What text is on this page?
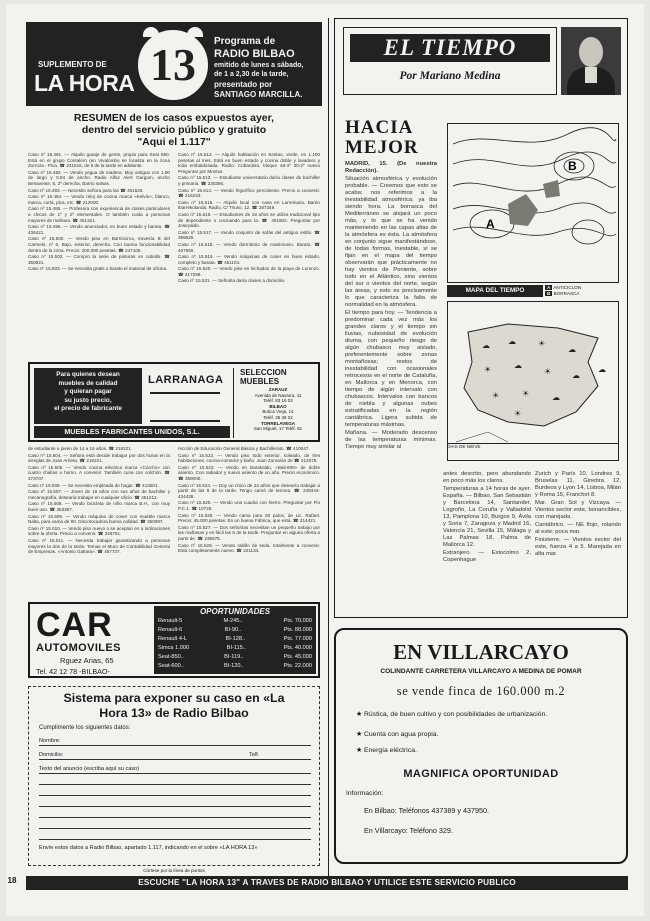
SUPLEMENTO DE
LA HORA 13	Programa de
RADIO BILBAO
emitido de lunes a sábado,
de 1 a 2,30 de la tarde,
presentado por
SANTIAGO MARCILLA.
RESUMEN de los casos expuestos ayer,
dentro del servicio público y gratuito
"Aqui el 1.117"

Caso nº 15.491. — Alquilo garaje de gente, propio para Seat 850. Está en el grupo Contalero (en Vivalombo se localiza en la zona Zorroza - Pica. ☎ 241516, de 9 de la tarde en adelante.

Caso nº 15.492. — Vendo yegua de madera. Muy antiguo con 1.90 de largo y 0.84 de ancho. Radio Alfaz Alert Gargom, ancho Benavente, 5, 2º derecha, Barrio salsas.

Caso nº 15.493. — Necesito señora para las ☎ 451525.

Caso nº 15.494. — Vendo reloj de cocina marca «Kelvin», blanco, marca, curta, pica, etc. ☎ 212000.

Caso nº 15.495. — Profesora con experiencia de clases particulares a chicos de 1º y 2º elementales. O también cuida a personas mayores de mañana. ☎ 451321.

Caso nº 15.496. — Vendo anunciador, en buen estado y barato. ☎ 436421.

Caso nº 15.500. — Vendo piso en Barriocirca, travesía B del Carmelo, nº 6, Bajo, exterior, derecha. Con buena funcionabilidad dentro de la zona. Precio: 200.000 pesetas. ☎ 247106.

Caso nº 15.502. — Compro la serie de pinturas en caballo. ☎ 350821.

Caso nº 15.503. — Se necesita gratis o barato el material de oficina.

Caso nº 15.512. — Alquilo habitación en Sestao, verde, en 1.100 pesetas al mes. Está en buen estado y cocina doble y lavadero y toda embaldosada. Radio: Cobardola, bloque 48-4º 30-2º nuevo Preguntar por Montse.

Caso nº 15.513. — Estudiante universitario daría clases de bachiller y primaria. ☎ 230396.

Caso nº 15.514. — Vendo frigorífico percoliente. Precio a convenir. ☎ 216243.

Caso nº 15.515. — Alquilo local con casa en Larreinaza. Barrio Ibarrekolanda. Radio, C/ Triuso, 12. ☎ 287349.

Caso nº 15.516. — Estudiantes de 18 años se utiliza tradicional tipo de dependiente o cocinando para la. ☎ 451902. Preguntar por Joseyaldo.

Caso nº 15.517. — Vendo conjunto de sofás del antiguo estilo. ☎ 399625.

Caso nº 15.518. — Vendo dormitorio de matrimonio. Barato. ☎ 467950.

Caso nº 15.519. — Vendo máquinas de coser en buen estado, completo y barata. ☎ 451104.

Caso nº 15.520. — Vendo piso en lechados de la playa de Lorenzo. ☎ 417299.

Caso nº 15.521. — Señorita daría clases a domicilio.

Para quienes desean
muebles de calidad
y quieran pagar
su justo precio,
el precio de fabricante
LARRANAGA
MUEBLES FABRICANTES UNIDOS, S.L.
SELECCION
MUEBLES
ZARAUZ
Avenida de Navarra, 11
Teléf. 83 16 03
BILBAO
Botica Vieja, 14
Teléf. 36 36 22
TORRELAVEGA
San Miguel, 17 Teléf. 81

de estudiante a joven de 14 a 16 años. ☎ 218221.

Caso nº 15.504. — Señora está decide trabajar por dos horas en la arreglas de Juan Arrieta. ☎ 218221.

Caso nº 15.505. — Vendo cocina eléctrica marca «Corcho» con cuatro chalías u horno. A convenir. También cuna con colchón. ☎ 373707.

Caso nº 15.506. — Se necesita empleada de hogar. ☎ 413501.

Caso nº 15.507. — Joven de 18 años con sus años de bachiller y mecanografía, desearía trabajar en cualquier oficio. ☎ 451212.

Caso nº 15.508. — Vendo bicicleta de niño marca B.H., con muy buen uso. ☎ 353387.

Caso nº 15.509. — Vendo máquina de coser con mueble marca Nalta, para cama de 90. Discotocadora buena calidad. ☎ 350097.

Caso nº 15.510. — Vendo piso nuevo o se aceptan en a indicaciones sobre la oferta. Precio a convenir. ☎ 346761.

Caso nº 15.511. — Necesita trabajar garantizando a personas mayores la dos de la tarde. Temas el Muro de Contabilidad General de Empresas. «Antonio Galtara». ☎ 457737.

rección de Educación General Básica y Bachillerato. ☎ 410047.

Caso nº 15.522. — Vendo piso todo exterior, soleado, de tres habitaciones, cocina-comedor y baño. Juan Zumarán de ☎ 212578.

Caso nº 15.523. — Vendo en Barakaldo, «Bali-800» de doble asiento. Con radiador y nuevo asiento de un año. Precio económico. ☎ 359000.

Caso nº 15.524. — Doy un chico de 24 años que desearía trabajar a partir de las 8 de la tarde. Tengo carné de tercera. ☎ 249344-434438.

Caso nº 15.525. — Vendo una cuadra con hierro. Preguntar por Flo P.C.1. ☎ 10729.

Caso nº 15.526. — Vendo cama para 50 palos, de Lic. Rafael. Precio: 45.000 pesetas. En un buena Fábrica, que está. ☎ 214421.

Caso nº 15.527. — Dos señoritas necesitan un pequeño trabajo por las mañanas y es fácil las 5 de la tarde. Preguntar en alguna oferta a partir de. ☎ 235675.

Caso nº 15.528. — Vendo rabillo de seda, totalmente a convenir. Está completamente nuevo. ☎ 221134.

CAR
AUTOMOVILES
Rguez Arias, 65
Tel. 42 12 78 -BILBAO-
OPORTUNIDADES
Renault-5	M-245..	Pts. 70.000
Renault-6	BI-90..	Pts. 88.000
Renault 4-L	BI-128..	Pts. 77.000
Simca 1.000	BI-115..	Pts. 40.000
Seat-850..	BI-119..	Pts. 45.000
Seat-600..	BI-120..	Pts. 22.000
Sistema para exponer su caso en «La
Hora 13» de Radio Bilbao
Cumplimente los siguientes datos:
Nombre:
Domicilio:	Telf.
Texto del anuncio (escriba aquí su caso)
Envíe estos datos a Radio Bilbao, apartado 1.117, indicando en el sobre «LA HORA 13»
Córtese por la línea de puntos
EL TIEMPO
Por Mariano Medina
HACIA
MEJOR

MADRID, 15. (De nuestra Redacción).

Situación atmosférica y evolución probable. — Creemos que esto se acaba; nos referimos a la inestabilidad atmosférica; ya iba siendo hora. La borrasca del Mediterráneo se alejará un poco más, y lo que se ha venido manteniendo en las capas altas de la atmósfera es ésta. La atmósfera en conjunto sigue manifestándose, de todas formas, inestable, si se fijan en el mapa del tiempo observarán que prácticamente no hay vientos de Poniente, sobre todo en el Atlántico, sino vientos del sur o vientos del norte, según las áreas, y esto es precisamente lo que caracteriza la falta de normalidad en la atmósfera.

El tiempo para hoy. — Tendencia a predominar cada vez más los grandes claros y el tiempo sin lluvias, nubosidad de evolución diurna, con pequeño riesgo de algún chubasco muy aislado, preferentemente sobre zonas montañosas; restos de inestabilidad con ocasionales retrocesos en el norte de Cataluña, en Mallorca y en Menorca, con tiempo de algún intervalo con chubascos. Intervalos con bancos de niebla y algunas nubes estratificadas en la región cantábrica. Ligera subida de temperaturas máximas.

Mañana. — Moderado descenso de las temperaturas mínimas. Tiempo muy similar al

B
A
MAPA DEL TIEMPO	A ANTICICLON
B BORRASCA
☁ ☁	☀
☁
☀	☁
☀	☁
☀	☀	☁
☀
☁
DIAS DE NIEVE

antes descrito, pero abundando en poco más los claros.

Temperaturas a 14 horas de ayer. España. — Bilbao, San Sebastián y Barcelona 14, Santander, Logroño, La Coruña y Valladolid 13, Pamplona 10, Burgos 9, Ávila y Soria 7, Zaragoza y Madrid 16, Valencia 21, Sevilla 15, Málaga y Las Palmas 18, Palma de Mallorca 12.

Extranjero. — Estocolmo 2, Copenhague

Zurich y París 10, Londres 9, Bruselas 11, Ginebra 12, Burdeos y Lyon 14, Lisboa, Milán y Roma 15, Francfort 8.

Mar. Gran Sol y Vizcaya. — Vientos sector este, bonancibles, con marejada.

Cantábrico. — NE flojo, rolando al este; poca mar.

Finisterre. — Vientos sector del este, fuerza 4 a 5. Marejada en alta mar.

EN VILLARCAYO
COLINDANTE CARRETERA VILLARCAYO A MEDINA DE POMAR
se vende finca de 160.000 m.2
★ Rústica, de buen cultivo y con posibilidades de urbanización.
★ Cuenta con agua propia.
★ Energía eléctrica.
MAGNIFICA OPORTUNIDAD
Información:
En Bilbao: Teléfonos 437389 y 437950.
En Villarcayo: Teléfono 329.
ESCUCHE "LA HORA 13" A TRAVES DE RADIO BILBAO Y UTILICE ESTE SERVICIO PUBLICO
18
